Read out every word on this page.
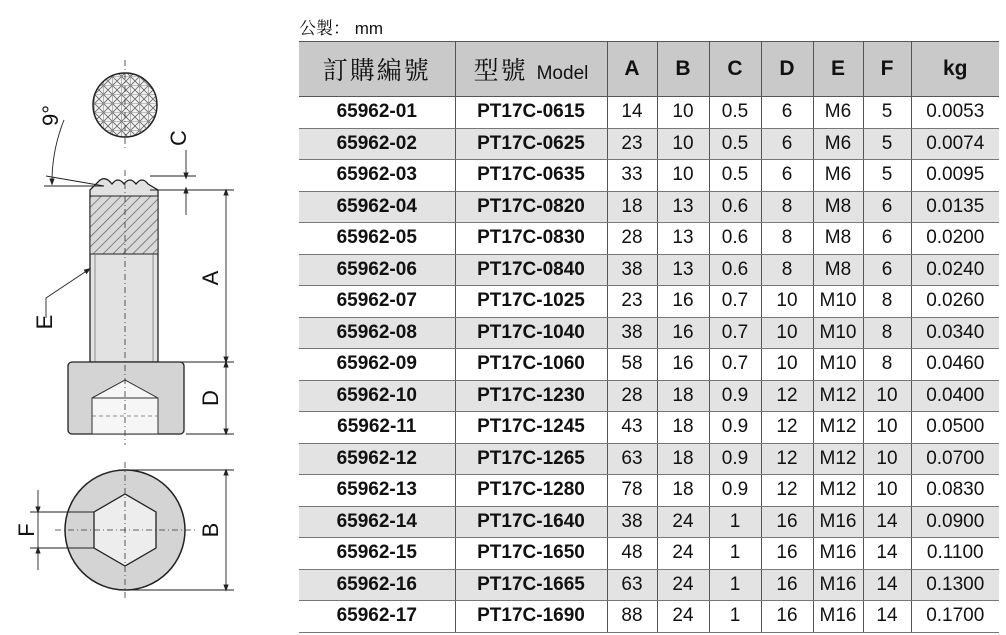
9°
C
A
D
B
F
E
公製： mm
訂購編號	型號 Model	A	B	C	D	E	F	kg
65962-01	PT17C-0615	14	10	0.5	6	M6	5	0.0053
65962-02	PT17C-0625	23	10	0.5	6	M6	5	0.0074
65962-03	PT17C-0635	33	10	0.5	6	M6	5	0.0095
65962-04	PT17C-0820	18	13	0.6	8	M8	6	0.0135
65962-05	PT17C-0830	28	13	0.6	8	M8	6	0.0200
65962-06	PT17C-0840	38	13	0.6	8	M8	6	0.0240
65962-07	PT17C-1025	23	16	0.7	10	M10	8	0.0260
65962-08	PT17C-1040	38	16	0.7	10	M10	8	0.0340
65962-09	PT17C-1060	58	16	0.7	10	M10	8	0.0460
65962-10	PT17C-1230	28	18	0.9	12	M12	10	0.0400
65962-11	PT17C-1245	43	18	0.9	12	M12	10	0.0500
65962-12	PT17C-1265	63	18	0.9	12	M12	10	0.0700
65962-13	PT17C-1280	78	18	0.9	12	M12	10	0.0830
65962-14	PT17C-1640	38	24	1	16	M16	14	0.0900
65962-15	PT17C-1650	48	24	1	16	M16	14	0.1100
65962-16	PT17C-1665	63	24	1	16	M16	14	0.1300
65962-17	PT17C-1690	88	24	1	16	M16	14	0.1700
